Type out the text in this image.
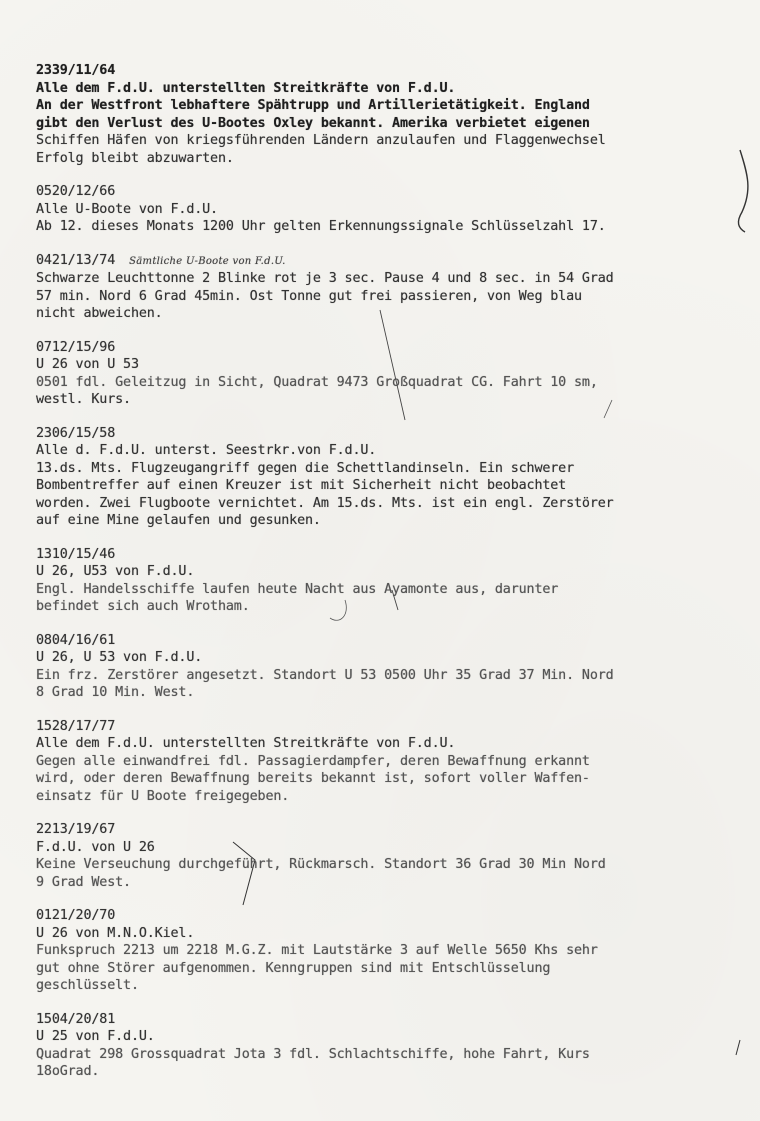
2339/11/64
Alle dem F.d.U. unterstellten Streitkräfte von F.d.U.
An der Westfront lebhaftere Spähtrupp und Artillerietätigkeit. England
gibt den Verlust des U-Bootes Oxley bekannt. Amerika verbietet eigenen
Schiffen Häfen von kriegsführenden Ländern anzulaufen und Flaggenwechsel
Erfolg bleibt abzuwarten.
0520/12/66
Alle U-Boote von F.d.U.
Ab 12. dieses Monats 1200 Uhr gelten Erkennungssignale Schlüsselzahl 17.
0421/13/74 Sämtliche U-Boote von F.d.U.
Schwarze Leuchttonne 2 Blinke rot je 3 sec. Pause 4 und 8 sec. in 54 Grad
57 min. Nord 6 Grad 45min. Ost Tonne gut frei passieren, von Weg blau
nicht abweichen.
0712/15/96
U 26 von U 53
0501 fdl. Geleitzug in Sicht, Quadrat 9473 Großquadrat CG. Fahrt 10 sm,
westl. Kurs.
2306/15/58
Alle d. F.d.U. unterst. Seestrkr.von F.d.U.
13.ds. Mts. Flugzeugangriff gegen die Schettlandinseln. Ein schwerer
Bombentreffer auf einen Kreuzer ist mit Sicherheit nicht beobachtet
worden. Zwei Flugboote vernichtet. Am 15.ds. Mts. ist ein engl. Zerstörer
auf eine Mine gelaufen und gesunken.
1310/15/46
U 26, U53 von F.d.U.
Engl. Handelsschiffe laufen heute Nacht aus Ayamonte aus, darunter
befindet sich auch Wrotham.
0804/16/61
U 26, U 53 von F.d.U.
Ein frz. Zerstörer angesetzt. Standort U 53 0500 Uhr 35 Grad 37 Min. Nord
8 Grad 10 Min. West.
1528/17/77
Alle dem F.d.U. unterstellten Streitkräfte von F.d.U.
Gegen alle einwandfrei fdl. Passagierdampfer, deren Bewaffnung erkannt
wird, oder deren Bewaffnung bereits bekannt ist, sofort voller Waffen-
einsatz für U Boote freigegeben.
2213/19/67
F.d.U. von U 26
Keine Verseuchung durchgeführt, Rückmarsch. Standort 36 Grad 30 Min Nord
9 Grad West.
0121/20/70
U 26 von M.N.O.Kiel.
Funkspruch 2213 um 2218 M.G.Z. mit Lautstärke 3 auf Welle 5650 Khs sehr
gut ohne Störer aufgenommen. Kenngruppen sind mit Entschlüsselung
geschlüsselt.
1504/20/81
U 25 von F.d.U.
Quadrat 298 Grossquadrat Jota 3 fdl. Schlachtschiffe, hohe Fahrt, Kurs
18oGrad.
